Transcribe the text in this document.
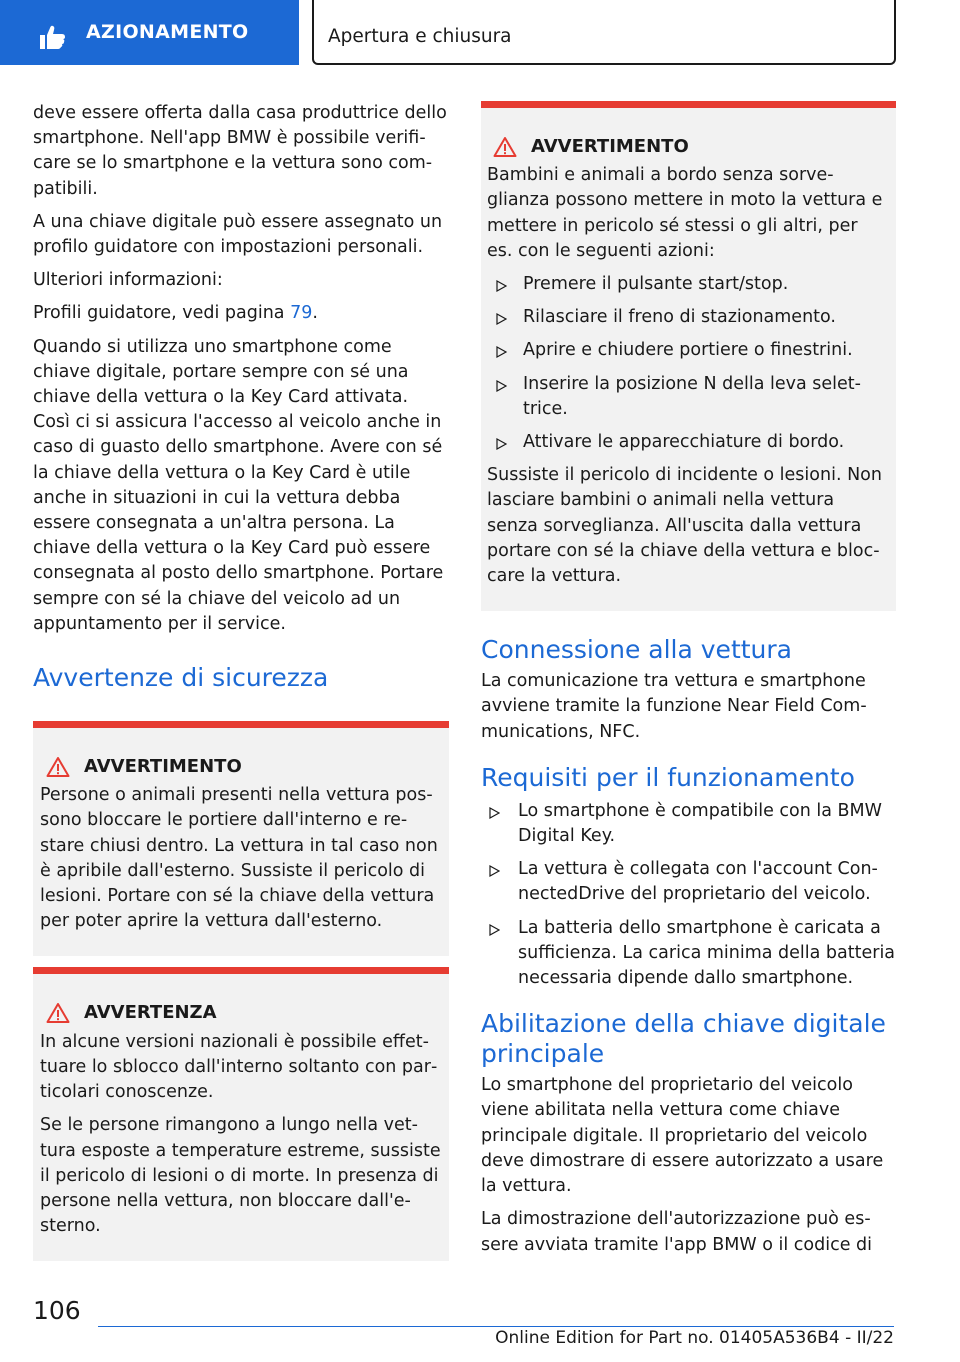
AZIONAMENTO	Apertura e chiusura

deve essere offerta dalla casa produttrice dello smartphone. Nell'app BMW è possibile verificare se lo smartphone e la vettura sono compatibili.

A una chiave digitale può essere assegnato un profilo guidatore con impostazioni personali.

Ulteriori informazioni:

Profili guidatore, vedi pagina 79.

Quando si utilizza uno smartphone come chiave digitale, portare sempre con sé una chiave della vettura o la Key Card attivata. Così ci si assicura l'accesso al veicolo anche in caso di guasto dello smartphone. Avere con sé la chiave della vettura o la Key Card è utile anche in situazioni in cui la vettura debba essere consegnata a un'altra persona. La chiave della vettura o la Key Card può essere consegnata al posto dello smartphone. Portare sempre con sé la chiave del veicolo ad un appuntamento per il service.

Avvertenze di sicurezza
AVVERTIMENTO

Persone o animali presenti nella vettura possono bloccare le portiere dall'interno e restare chiusi dentro. La vettura in tal caso non è apribile dall'esterno. Sussiste il pericolo di lesioni. Portare con sé la chiave della vettura per poter aprire la vettura dall'esterno.

AVVERTENZA

In alcune versioni nazionali è possibile effettuare lo sblocco dall'interno soltanto con particolari conoscenze.

Se le persone rimangono a lungo nella vettura esposte a temperature estreme, sussiste il pericolo di lesioni o di morte. In presenza di persone nella vettura, non bloccare dall'esterno.

AVVERTIMENTO

Bambini e animali a bordo senza sorveglianza possono mettere in moto la vettura e mettere in pericolo sé stessi o gli altri, per es. con le seguenti azioni:

Premere il pulsante start/stop.
Rilasciare il freno di stazionamento.
Aprire e chiudere portiere o finestrini.
Inserire la posizione N della leva selettrice.
Attivare le apparecchiature di bordo.

Sussiste il pericolo di incidente o lesioni. Non lasciare bambini o animali nella vettura senza sorveglianza. All'uscita dalla vettura portare con sé la chiave della vettura e bloccare la vettura.

Connessione alla vettura

La comunicazione tra vettura e smartphone avviene tramite la funzione Near Field Communications, NFC.

Requisiti per il funzionamento
Lo smartphone è compatibile con la BMW Digital Key.
La vettura è collegata con l'account ConnectedDrive del proprietario del veicolo.
La batteria dello smartphone è caricata a sufficienza. La carica minima della batteria necessaria dipende dallo smartphone.
Abilitazione della chiave digitale principale

Lo smartphone del proprietario del veicolo viene abilitata nella vettura come chiave principale digitale. Il proprietario del veicolo deve dimostrare di essere autorizzato a usare la vettura.

La dimostrazione dell'autorizzazione può essere avviata tramite l'app BMW o il codice di

106
Online Edition for Part no. 01405A536B4 - II/22
